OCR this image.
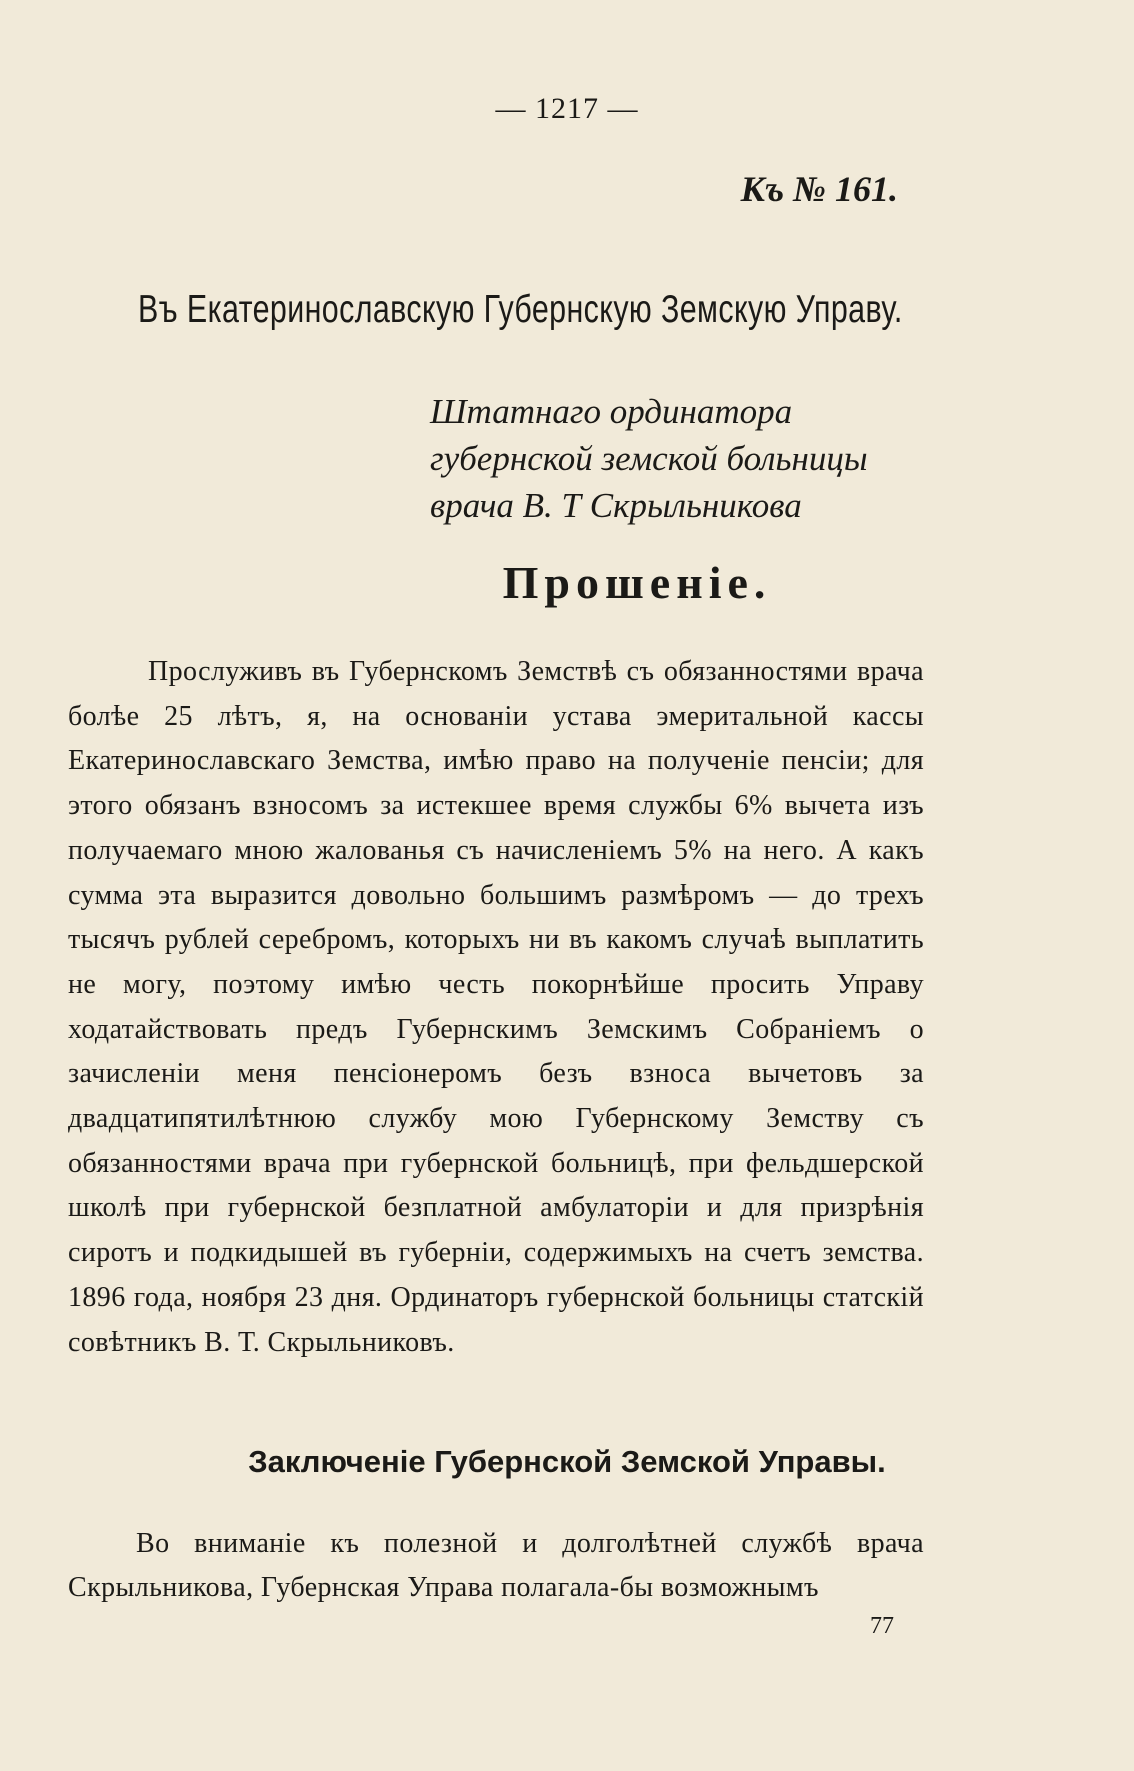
— 1217 —
Къ № 161.
Въ Екатеринославскую Губернскую Земскую Управу.
Штатнаго ординатора губернской земской больницы врача В. Т Скрыльникова
Прошеніе.

Прослуживъ въ Губернскомъ Земствѣ съ обязанностями врача болѣе 25 лѣтъ, я, на основаніи устава эмеритальной кассы Екатеринославскаго Земства, имѣю право на полученіе пенсіи; для этого обязанъ взносомъ за истекшее время службы 6% вычета изъ получаемаго мною жалованья съ начисленіемъ 5% на него. А какъ сумма эта выразится довольно большимъ размѣромъ — до трехъ тысячъ рублей серебромъ, которыхъ ни въ какомъ случаѣ выплатить не могу, поэтому имѣю честь покорнѣйше просить Управу ходатайствовать предъ Губернскимъ Земскимъ Собраніемъ о зачисленіи меня пенсіонеромъ безъ взноса вычетовъ за двадцатипятилѣтнюю службу мою Губернскому Земству съ обязанностями врача при губернской больницѣ, при фельдшерской школѣ при губернской безплатной амбулаторіи и для призрѣнія сиротъ и подкидышей въ губерніи, содержимыхъ на счетъ земства. 1896 года, ноября 23 дня. Ординаторъ губернской больницы статскій совѣтникъ В. Т. Скрыльниковъ.

Заключеніе Губернской Земской Управы.

Во вниманіе къ полезной и долголѣтней службѣ врача Скрыльникова, Губернская Управа полагала-бы возможнымъ

77
